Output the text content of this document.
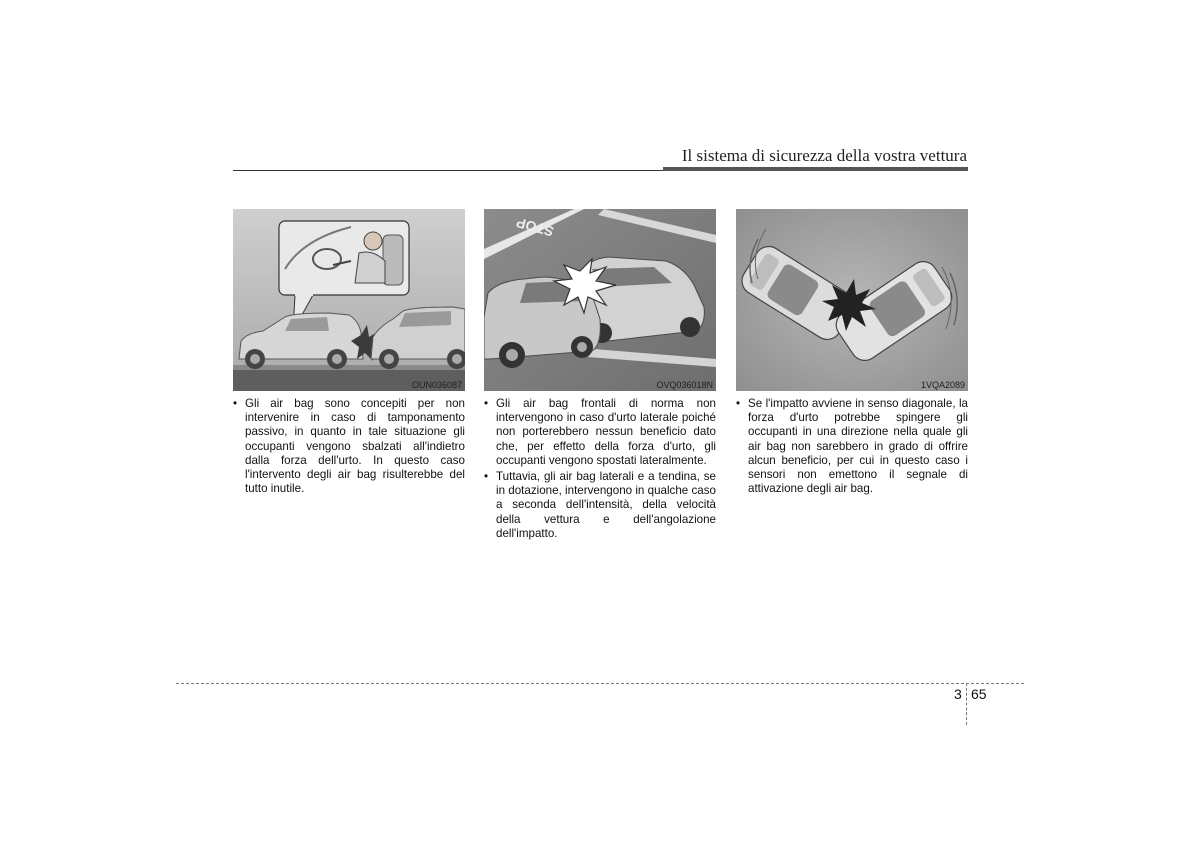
Il sistema di sicurezza della vostra vettura
OUN036087
STOP
OVQ036018N	1VQA2089

• Gli air bag sono concepiti per non intervenire in caso di tamponamento passivo, in quanto in tale situazione gli occupanti vengono sbalzati all'indietro dalla forza dell'urto. In questo caso l'intervento degli air bag risulterebbe del tutto inutile.

• Gli air bag frontali di norma non intervengono in caso d'urto laterale poiché non porterebbero nessun beneficio dato che, per effetto della forza d'urto, gli occupanti vengono spostati lateralmente.

• Tuttavia, gli air bag laterali e a tendina, se in dotazione, intervengono in qualche caso a seconda dell'intensità, della velocità della vettura e dell'angolazione dell'impatto.

• Se l'impatto avviene in senso diagonale, la forza d'urto potrebbe spingere gli occupanti in una direzione nella quale gli air bag non sarebbero in grado di offrire alcun beneficio, per cui in questo caso i sensori non emettono il segnale di attivazione degli air bag.

3 65
